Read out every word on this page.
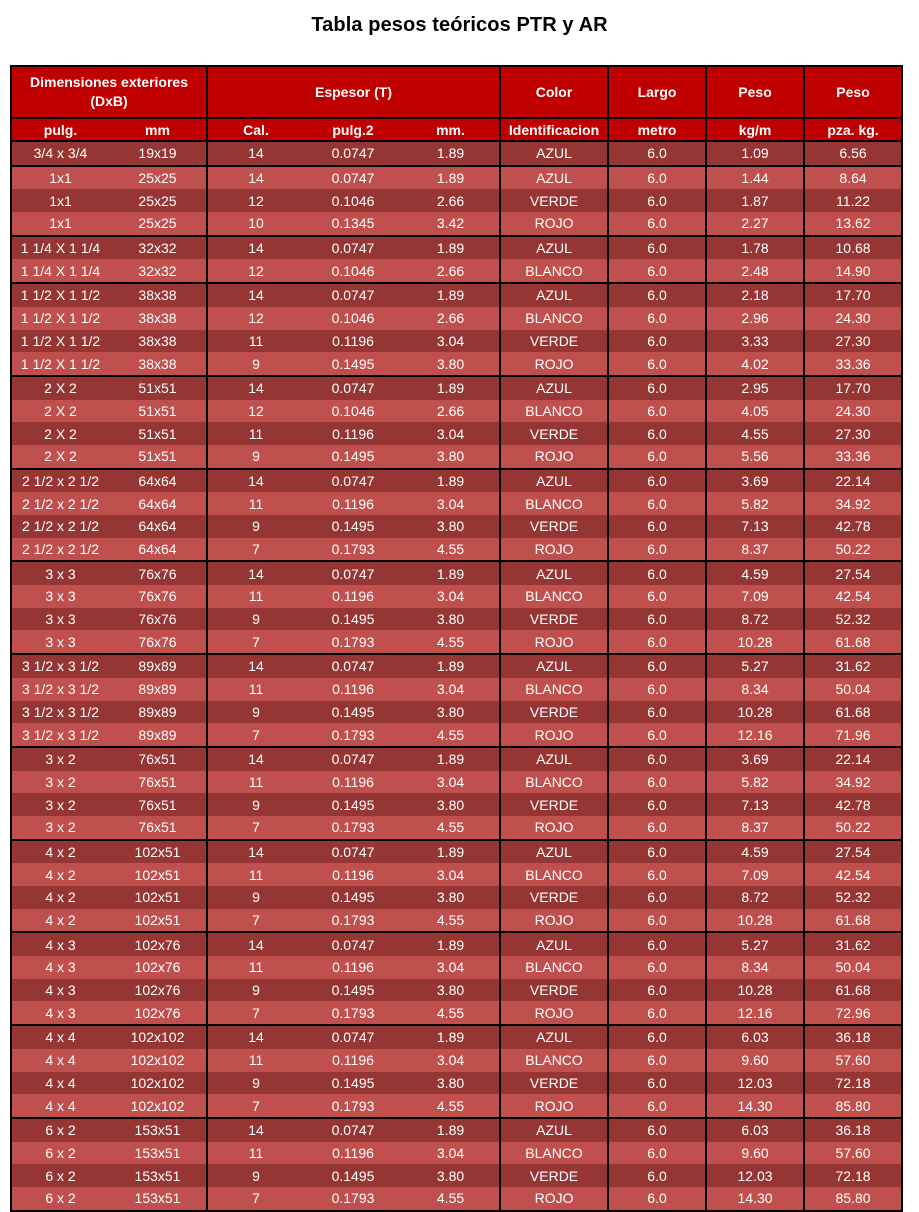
Tabla pesos teóricos PTR y AR
Dimensiones exteriores (DxB)		Espesor (T)			Color	Largo	Peso	Peso
pulg.	mm	Cal.	pulg.2	mm.	Identificacion	metro	kg/m	pza. kg.
3/4 x 3/4	19x19	14	0.0747	1.89	AZUL	6.0	1.09	6.56
1x1	25x25	14	0.0747	1.89	AZUL	6.0	1.44	8.64
1x1	25x25	12	0.1046	2.66	VERDE	6.0	1.87	11.22
1x1	25x25	10	0.1345	3.42	ROJO	6.0	2.27	13.62
1 1/4 X 1 1/4	32x32	14	0.0747	1.89	AZUL	6.0	1.78	10.68
1 1/4 X 1 1/4	32x32	12	0.1046	2.66	BLANCO	6.0	2.48	14.90
1 1/2 X 1 1/2	38x38	14	0.0747	1.89	AZUL	6.0	2.18	17.70
1 1/2 X 1 1/2	38x38	12	0.1046	2.66	BLANCO	6.0	2.96	24.30
1 1/2 X 1 1/2	38x38	11	0.1196	3.04	VERDE	6.0	3.33	27.30
1 1/2 X 1 1/2	38x38	9	0.1495	3.80	ROJO	6.0	4.02	33.36
2 X 2	51x51	14	0.0747	1.89	AZUL	6.0	2.95	17.70
2 X 2	51x51	12	0.1046	2.66	BLANCO	6.0	4.05	24.30
2 X 2	51x51	11	0.1196	3.04	VERDE	6.0	4.55	27.30
2 X 2	51x51	9	0.1495	3.80	ROJO	6.0	5.56	33.36
2 1/2 x 2 1/2	64x64	14	0.0747	1.89	AZUL	6.0	3.69	22.14
2 1/2 x 2 1/2	64x64	11	0.1196	3.04	BLANCO	6.0	5.82	34.92
2 1/2 x 2 1/2	64x64	9	0.1495	3.80	VERDE	6.0	7.13	42.78
2 1/2 x 2 1/2	64x64	7	0.1793	4.55	ROJO	6.0	8.37	50.22
3 x 3	76x76	14	0.0747	1.89	AZUL	6.0	4.59	27.54
3 x 3	76x76	11	0.1196	3.04	BLANCO	6.0	7.09	42.54
3 x 3	76x76	9	0.1495	3.80	VERDE	6.0	8.72	52.32
3 x 3	76x76	7	0.1793	4.55	ROJO	6.0	10.28	61.68
3 1/2 x 3 1/2	89x89	14	0.0747	1.89	AZUL	6.0	5.27	31.62
3 1/2 x 3 1/2	89x89	11	0.1196	3.04	BLANCO	6.0	8.34	50.04
3 1/2 x 3 1/2	89x89	9	0.1495	3.80	VERDE	6.0	10.28	61.68
3 1/2 x 3 1/2	89x89	7	0.1793	4.55	ROJO	6.0	12.16	71.96
3 x 2	76x51	14	0.0747	1.89	AZUL	6.0	3.69	22.14
3 x 2	76x51	11	0.1196	3.04	BLANCO	6.0	5.82	34.92
3 x 2	76x51	9	0.1495	3.80	VERDE	6.0	7.13	42.78
3 x 2	76x51	7	0.1793	4.55	ROJO	6.0	8.37	50.22
4 x 2	102x51	14	0.0747	1.89	AZUL	6.0	4.59	27.54
4 x 2	102x51	11	0.1196	3.04	BLANCO	6.0	7.09	42.54
4 x 2	102x51	9	0.1495	3.80	VERDE	6.0	8.72	52.32
4 x 2	102x51	7	0.1793	4.55	ROJO	6.0	10.28	61.68
4 x 3	102x76	14	0.0747	1.89	AZUL	6.0	5.27	31.62
4 x 3	102x76	11	0.1196	3.04	BLANCO	6.0	8.34	50.04
4 x 3	102x76	9	0.1495	3.80	VERDE	6.0	10.28	61.68
4 x 3	102x76	7	0.1793	4.55	ROJO	6.0	12.16	72.96
4 x 4	102x102	14	0.0747	1.89	AZUL	6.0	6.03	36.18
4 x 4	102x102	11	0.1196	3.04	BLANCO	6.0	9.60	57.60
4 x 4	102x102	9	0.1495	3.80	VERDE	6.0	12.03	72.18
4 x 4	102x102	7	0.1793	4.55	ROJO	6.0	14.30	85.80
6 x 2	153x51	14	0.0747	1.89	AZUL	6.0	6.03	36.18
6 x 2	153x51	11	0.1196	3.04	BLANCO	6.0	9.60	57.60
6 x 2	153x51	9	0.1495	3.80	VERDE	6.0	12.03	72.18
6 x 2	153x51	7	0.1793	4.55	ROJO	6.0	14.30	85.80
